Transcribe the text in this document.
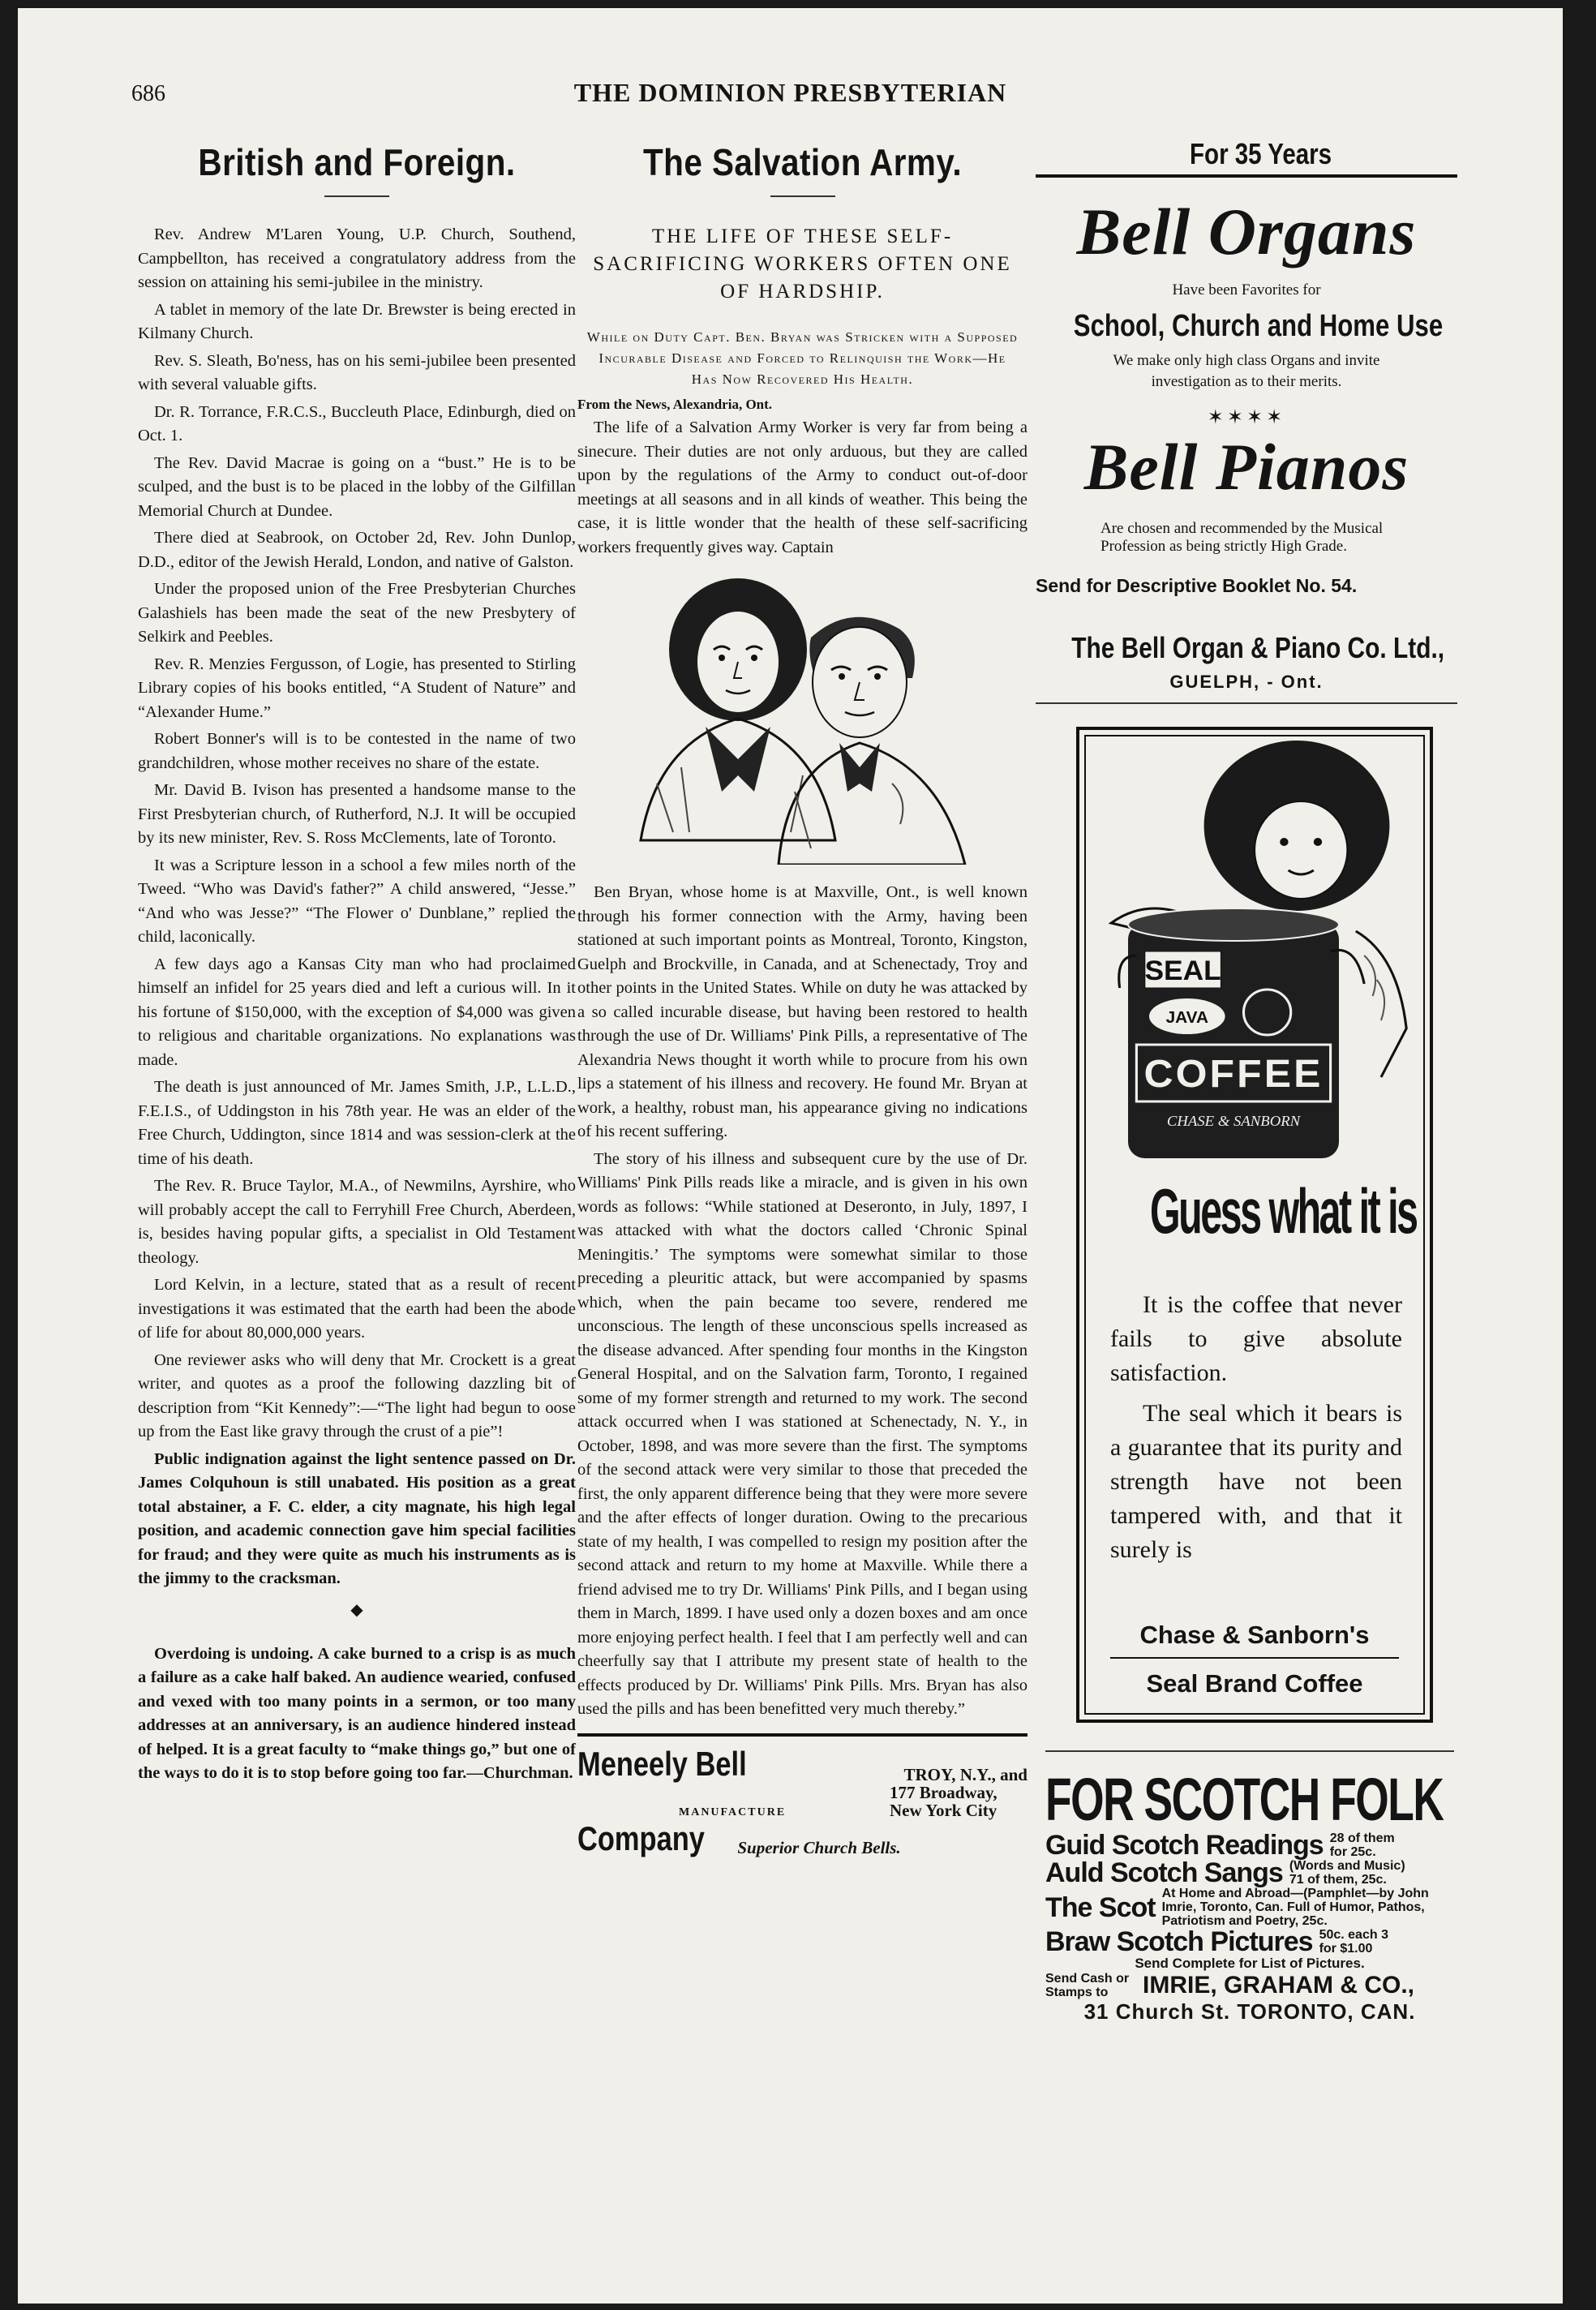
686	THE DOMINION PRESBYTERIAN
British and Foreign.

Rev. Andrew M'Laren Young, U.P. Church, Southend, Campbellton, has received a congratulatory address from the session on attaining his semi-jubilee in the ministry.

A tablet in memory of the late Dr. Brewster is being erected in Kilmany Church.

Rev. S. Sleath, Bo'ness, has on his semi-jubilee been presented with several valuable gifts.

Dr. R. Torrance, F.R.C.S., Buccleuth Place, Edinburgh, died on Oct. 1.

The Rev. David Macrae is going on a “bust.” He is to be sculped, and the bust is to be placed in the lobby of the Gilfillan Memorial Church at Dundee.

There died at Seabrook, on October 2d, Rev. John Dunlop, D.D., editor of the Jewish Herald, London, and native of Galston.

Under the proposed union of the Free Presbyterian Churches Galashiels has been made the seat of the new Presbytery of Selkirk and Peebles.

Rev. R. Menzies Fergusson, of Logie, has presented to Stirling Library copies of his books entitled, “A Student of Nature” and “Alexander Hume.”

Robert Bonner's will is to be contested in the name of two grandchildren, whose mother receives no share of the estate.

Mr. David B. Ivison has presented a handsome manse to the First Presbyterian church, of Rutherford, N.J. It will be occupied by its new minister, Rev. S. Ross McClements, late of Toronto.

It was a Scripture lesson in a school a few miles north of the Tweed. “Who was David's father?” A child answered, “Jesse.” “And who was Jesse?” “The Flower o' Dunblane,” replied the child, laconically.

A few days ago a Kansas City man who had proclaimed himself an infidel for 25 years died and left a curious will. In it his fortune of $150,000, with the exception of $4,000 was given to religious and charitable organizations. No explanations was made.

The death is just announced of Mr. James Smith, J.P., L.L.D., F.E.I.S., of Uddingston in his 78th year. He was an elder of the Free Church, Uddington, since 1814 and was session-clerk at the time of his death.

The Rev. R. Bruce Taylor, M.A., of Newmilns, Ayrshire, who will probably accept the call to Ferryhill Free Church, Aberdeen, is, besides having popular gifts, a specialist in Old Testament theology.

Lord Kelvin, in a lecture, stated that as a result of recent investigations it was estimated that the earth had been the abode of life for about 80,000,000 years.

One reviewer asks who will deny that Mr. Crockett is a great writer, and quotes as a proof the following dazzling bit of description from “Kit Kennedy”:—“The light had begun to oose up from the East like gravy through the crust of a pie”!

Public indignation against the light sentence passed on Dr. James Colquhoun is still unabated. His position as a great total abstainer, a F. C. elder, a city magnate, his high legal position, and academic connection gave him special facilities for fraud; and they were quite as much his instruments as is the jimmy to the cracksman.

◆

Overdoing is undoing. A cake burned to a crisp is as much a failure as a cake half baked. An audience wearied, confused and vexed with too many points in a sermon, or too many addresses at an anniversary, is an audience hindered instead of helped. It is a great faculty to “make things go,” but one of the ways to do it is to stop before going too far.—Churchman.

The Salvation Army.
THE LIFE OF THESE SELF-SACRIFICING WORKERS OFTEN ONE OF HARDSHIP.
While on Duty Capt. Ben. Bryan was Stricken with a Supposed Incurable Disease and Forced to Relinquish the Work—He Has Now Recovered His Health.
From the News, Alexandria, Ont.

The life of a Salvation Army Worker is very far from being a sinecure. Their duties are not only arduous, but they are called upon by the regulations of the Army to conduct out-of-door meetings at all seasons and in all kinds of weather. This being the case, it is little wonder that the health of these self-sacrificing workers frequently gives way. Captain

Ben Bryan, whose home is at Maxville, Ont., is well known through his former connection with the Army, having been stationed at such important points as Montreal, Toronto, Kingston, Guelph and Brockville, in Canada, and at Schenectady, Troy and other points in the United States. While on duty he was attacked by a so called incurable disease, but having been restored to health through the use of Dr. Williams' Pink Pills, a representative of The Alexandria News thought it worth while to procure from his own lips a statement of his illness and recovery. He found Mr. Bryan at work, a healthy, robust man, his appearance giving no indications of his recent suffering.

The story of his illness and subsequent cure by the use of Dr. Williams' Pink Pills reads like a miracle, and is given in his own words as follows: “While stationed at Deseronto, in July, 1897, I was attacked with what the doctors called ‘Chronic Spinal Meningitis.’ The symptoms were somewhat similar to those preceding a pleuritic attack, but were accompanied by spasms which, when the pain became too severe, rendered me unconscious. The length of these unconscious spells increased as the disease advanced. After spending four months in the Kingston General Hospital, and on the Salvation farm, Toronto, I regained some of my former strength and returned to my work. The second attack occurred when I was stationed at Schenectady, N. Y., in October, 1898, and was more severe than the first. The symptoms of the second attack were very similar to those that preceded the first, the only apparent difference being that they were more severe and the after effects of longer duration. Owing to the precarious state of my health, I was compelled to resign my position after the second attack and return to my home at Maxville. While there a friend advised me to try Dr. Williams' Pink Pills, and I began using them in March, 1899. I have used only a dozen boxes and am once more enjoying perfect health. I feel that I am perfectly well and can cheerfully say that I attribute my present state of health to the effects produced by Dr. Williams' Pink Pills. Mrs. Bryan has also used the pills and has been benefitted very much thereby.”

Meneely Bell	TROY, N.Y., and
MANUFACTURE
177 Broadway, New York City
Company Superior Church Bells.
For 35 Years
Bell Organs
Have been Favorites for
School, Church and Home Use
We make only high class Organs and invite investigation as to their merits.
✶✶✶✶
Bell Pianos
Are chosen and recommended by the Musical Profession as being strictly High Grade.
Send for Descriptive Booklet No. 54.
The Bell Organ & Piano Co. Ltd.,
GUELPH, - Ont.
SEAL
JAVA
COFFEE
CHASE & SANBORN
Guess what it is

It is the coffee that never fails to give absolute satisfaction.

The seal which it bears is a guarantee that its purity and strength have not been tampered with, and that it surely is

Chase & Sanborn's
Seal Brand Coffee
FOR SCOTCH FOLK
Guid Scotch Readings 28 of them for 25c.
Auld Scotch Sangs (Words and Music) 71 of them, 25c.
The Scot At Home and Abroad—(Pamphlet—by John Imrie, Toronto, Can. Full of Humor, Pathos, Patriotism and Poetry, 25c.
Braw Scotch Pictures 50c. each 3 for $1.00
Send Complete for List of Pictures.
Send Cash or Stamps to	IMRIE, GRAHAM & CO.,
31 Church St. TORONTO, CAN.
